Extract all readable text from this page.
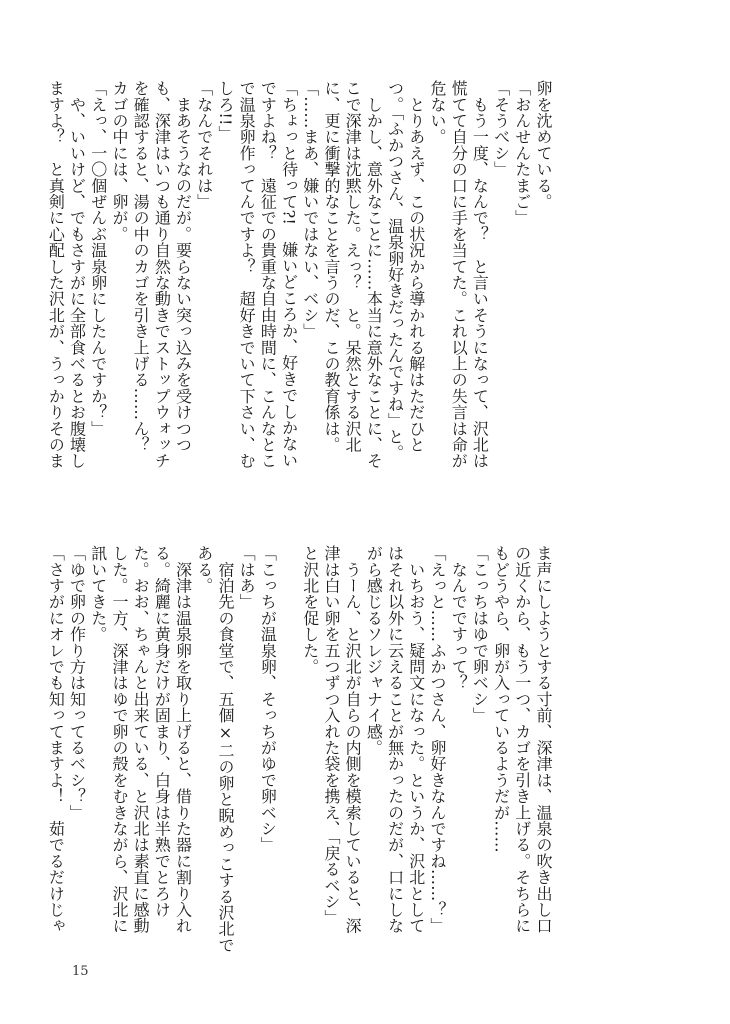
卵を沈めている。
「おんせんたまご」
「そうべシ」
　もう一度、なんで？　と言いそうになって、沢北は
慌てて自分の口に手を当てた。これ以上の失言は命が
危ない。
　とりあえず、この状況から導かれる解はただひと
つ。「ふかつさん、温泉卵好きだったんですね」と。
　しかし、意外なことに……本当に意外なことに、そ
こで深津は沈黙した。えっ？　と。呆然とする沢北
に、更に衝撃的なことを言うのだ、この教育係は。
「……まあ、嫌いではない、ベシ」
「ちょっと待って?!　嫌いどころか、好きでしかない
ですよね？　遠征での貴重な自由時間に、こんなとこ
で温泉卵作ってんですよ？　超好きでいて下さい、む
しろ!!」
「なんでそれは」
　まあそうなのだが。要らない突っ込みを受けつつ
も、深津はいつも通り自然な動きでストップウォッチ
を確認すると、湯の中のカゴを引き上げる……ん？
カゴの中には、卵が。
「えっ、一〇個ぜんぶ温泉卵にしたんですか？」
　や、いいけど、でもさすがに全部食べるとお腹壊し
ますよ？　と真剣に心配した沢北が、うっかりそのま
ま声にしようとする寸前、深津は、温泉の吹き出し口
の近くから、もう一つ、カゴを引き上げる。そちらに
もどうやら、卵が入っているようだが……
「こっちはゆで卵ベシ」
　なんでですって？
「えっと……ふかつさん、卵好きなんですね……？」
　いちおう、疑問文になった。というか、沢北として
はそれ以外に云えることが無かったのだが、口にしな
がら感じるソレジャナイ感。
　うーん、と沢北が自らの内側を模索していると、深
津は白い卵を五つずつ入れた袋を携え、「戻るベシ」
と沢北を促した。

「こっちが温泉卵、そっちがゆで卵ベシ」
「はあ」
　宿泊先の食堂で、五個×二の卵と睨めっこする沢北で
ある。
　深津は温泉卵を取り上げると、借りた器に割り入れ
る。綺麗に黄身だけが固まり、白身は半熟でとろけ
た。おお、ちゃんと出来ている、と沢北は素直に感動
した。一方、深津はゆで卵の殻をむきながら、沢北に
訊いてきた。
「ゆで卵の作り方は知ってるベシ？」
「さすがにオレでも知ってますよ！　茹でるだけじゃ
15
